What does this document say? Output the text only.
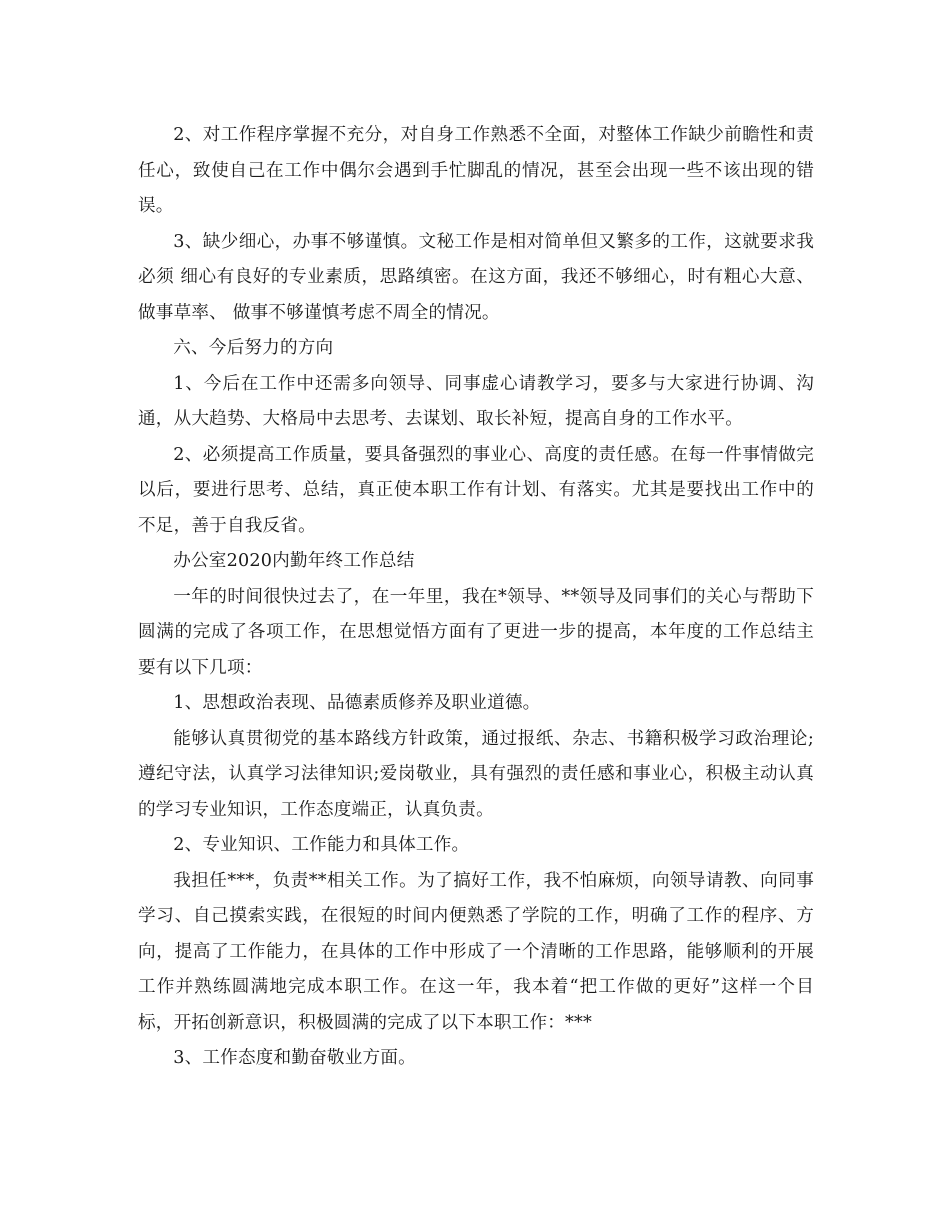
2、对工作程序掌握不充分，对自身工作熟悉不全面，对整体工作缺少前瞻性和责任心，致使自己在工作中偶尔会遇到手忙脚乱的情况，甚至会出现一些不该出现的错误。

3、缺少细心，办事不够谨慎。文秘工作是相对简单但又繁多的工作，这就要求我必须 细心有良好的专业素质，思路缜密。在这方面，我还不够细心，时有粗心大意、做事草率、 做事不够谨慎考虑不周全的情况。

六、今后努力的方向

1、今后在工作中还需多向领导、同事虚心请教学习，要多与大家进行协调、沟通，从大趋势、大格局中去思考、去谋划、取长补短，提高自身的工作水平。

2、必须提高工作质量，要具备强烈的事业心、高度的责任感。在每一件事情做完以后，要进行思考、总结，真正使本职工作有计划、有落实。尤其是要找出工作中的不足，善于自我反省。

办公室2020内勤年终工作总结

一年的时间很快过去了，在一年里，我在*领导、**领导及同事们的关心与帮助下圆满的完成了各项工作，在思想觉悟方面有了更进一步的提高，本年度的工作总结主要有以下几项：

1、思想政治表现、品德素质修养及职业道德。

能够认真贯彻党的基本路线方针政策，通过报纸、杂志、书籍积极学习政治理论;遵纪守法，认真学习法律知识;爱岗敬业，具有强烈的责任感和事业心，积极主动认真的学习专业知识，工作态度端正，认真负责。

2、专业知识、工作能力和具体工作。

我担任***，负责**相关工作。为了搞好工作，我不怕麻烦，向领导请教、向同事学习、自己摸索实践，在很短的时间内便熟悉了学院的工作，明确了工作的程序、方向，提高了工作能力，在具体的工作中形成了一个清晰的工作思路，能够顺利的开展工作并熟练圆满地完成本职工作。在这一年，我本着“把工作做的更好”这样一个目标，开拓创新意识，积极圆满的完成了以下本职工作：***

3、工作态度和勤奋敬业方面。
